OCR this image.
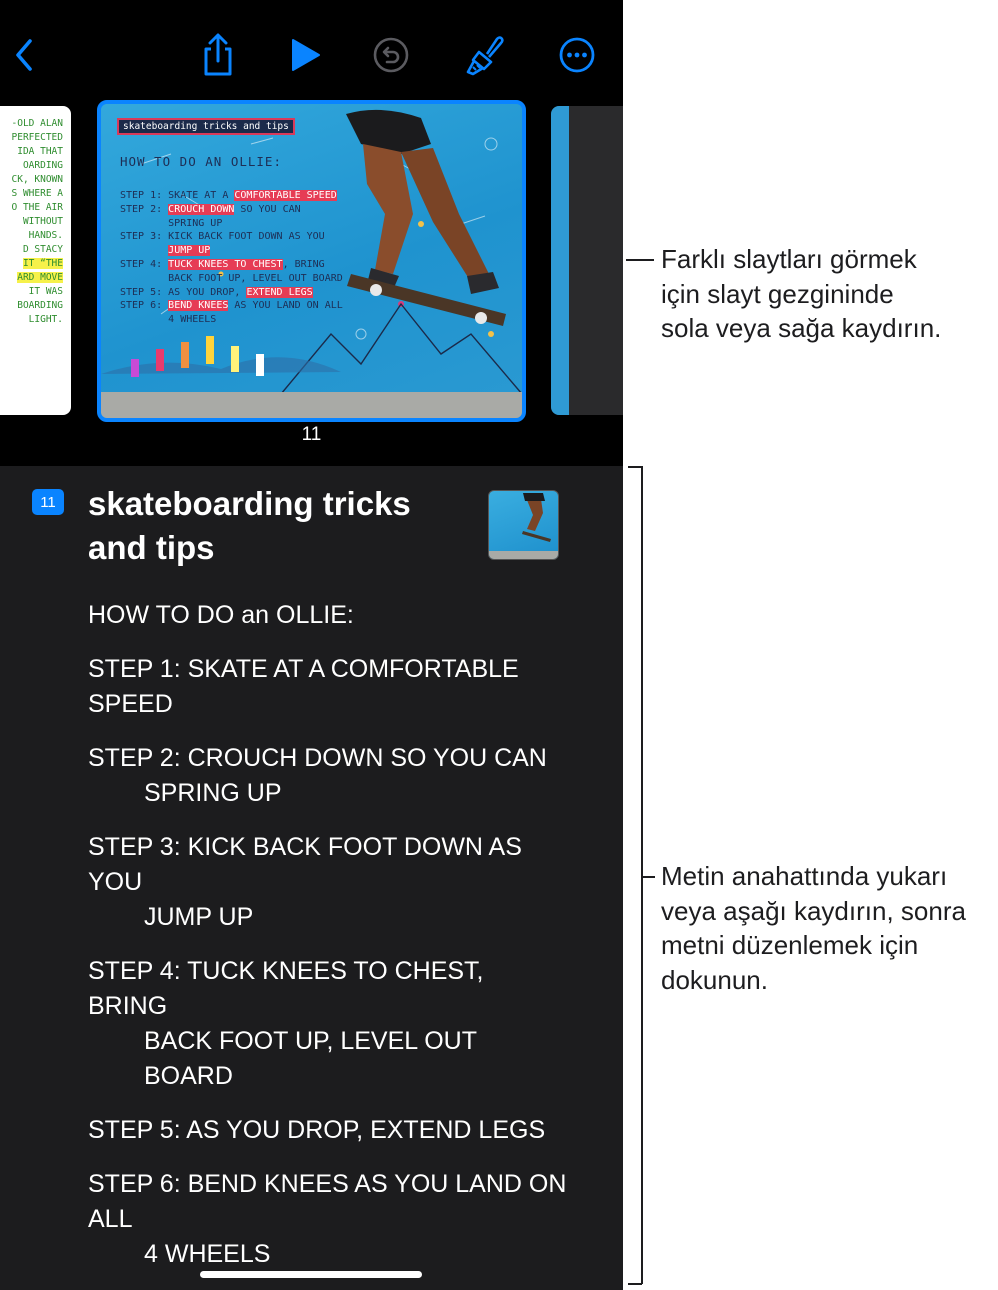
-OLD ALAN
PERFECTED
IDA THAT
OARDING
CK, KNOWN
S WHERE A
O THE AIR
WITHOUT
HANDS.
D STACY
IT “THE
ARD MOVE
IT WAS
BOARDING
LIGHT.
skateboarding tricks and tips
HOW TO DO AN OLLIE:
STEP 1: SKATE AT A COMFORTABLE SPEED
STEP 2: CROUCH DOWN SO YOU CAN
SPRING UP
STEP 3: KICK BACK FOOT DOWN AS YOU
JUMP UP
STEP 4: TUCK KNEES TO CHEST, BRING
BACK FOOT UP, LEVEL OUT BOARD
STEP 5: AS YOU DROP, EXTEND LEGS
STEP 6: BEND KNEES AS YOU LAND ON ALL
4 WHEELS
11
11 skateboarding tricks and tips

HOW TO DO an OLLIE:

STEP 1: SKATE AT A COMFORTABLE SPEED

STEP 2: CROUCH DOWN SO YOU CAN
SPRING UP

STEP 3: KICK BACK FOOT DOWN AS YOU
JUMP UP

STEP 4: TUCK KNEES TO CHEST, BRING
BACK FOOT UP, LEVEL OUT BOARD

STEP 5: AS YOU DROP, EXTEND LEGS

STEP 6: BEND KNEES AS YOU LAND ON ALL
4 WHEELS

Farklı slaytları görmek
için slayt gezgininde
sola veya sağa kaydırın.
Metin anahattında yukarı
veya aşağı kaydırın, sonra
metni düzenlemek için
dokunun.
